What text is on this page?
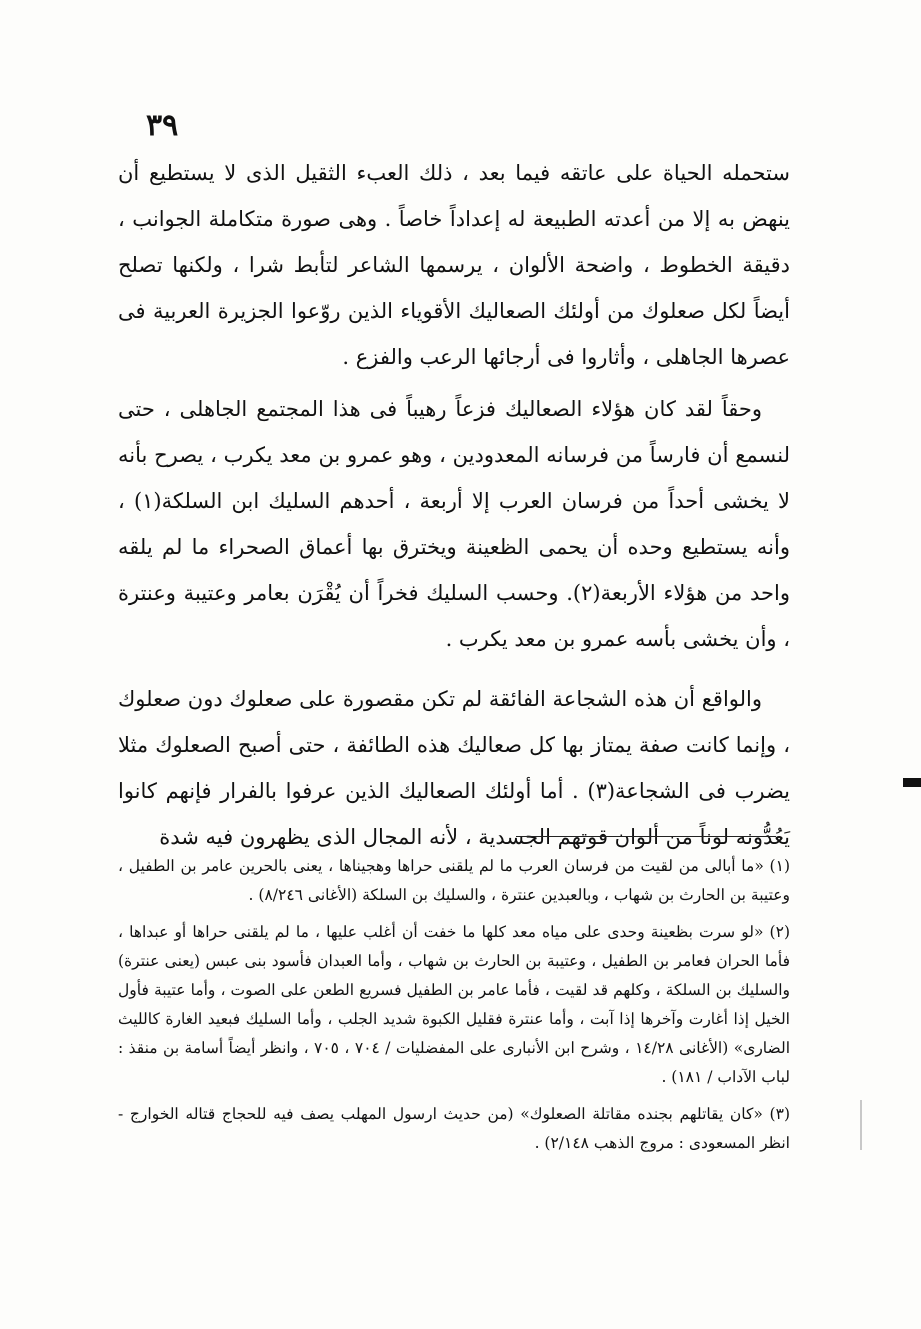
٣٩

ستحمله الحياة على عاتقه فيما بعد ، ذلك العبء الثقيل الذى لا يستطيع أن ينهض به إلا من أعدته الطبيعة له إعداداً خاصاً . وهى صورة متكاملة الجوانب ، دقيقة الخطوط ، واضحة الألوان ، يرسمها الشاعر لتأبط شرا ، ولكنها تصلح أيضاً لكل صعلوك من أولئك الصعاليك الأقوياء الذين روّعوا الجزيرة العربية فى عصرها الجاهلى ، وأثاروا فى أرجائها الرعب والفزع .

وحقاً لقد كان هؤلاء الصعاليك فزعاً رهيباً فى هذا المجتمع الجاهلى ، حتى لنسمع أن فارساً من فرسانه المعدودين ، وهو عمرو بن معد يكرب ، يصرح بأنه لا يخشى أحداً من فرسان العرب إلا أربعة ، أحدهم السليك ابن السلكة(١) ، وأنه يستطيع وحده أن يحمى الظعينة ويخترق بها أعماق الصحراء ما لم يلقه واحد من هؤلاء الأربعة(٢). وحسب السليك فخراً أن يُقْرَن بعامر وعتيبة وعنترة ، وأن يخشى بأسه عمرو بن معد يكرب .

والواقع أن هذه الشجاعة الفائقة لم تكن مقصورة على صعلوك دون صعلوك ، وإنما كانت صفة يمتاز بها كل صعاليك هذه الطائفة ، حتى أصبح الصعلوك مثلا يضرب فى الشجاعة(٣) . أما أولئك الصعاليك الذين عرفوا بالفرار فإنهم كانوا يَعُدُّونه لوناً من ألوان قوتهم الجسدية ، لأنه المجال الذى يظهرون فيه شدة

(١) «ما أبالى من لقيت من فرسان العرب ما لم يلقنى حراها وهجيناها ، يعنى بالحرين عامر بن الطفيل ، وعتيبة بن الحارث بن شهاب ، وبالعبدين عنترة ، والسليك بن السلكة (الأغانى ٨/٢٤٦) .

(٢) «لو سرت بظعينة وحدى على مياه معد كلها ما خفت أن أغلب عليها ، ما لم يلقنى حراها أو عبداها ، فأما الحران فعامر بن الطفيل ، وعتيبة بن الحارث بن شهاب ، وأما العبدان فأسود بنى عبس (يعنى عنترة) والسليك بن السلكة ، وكلهم قد لقيت ، فأما عامر بن الطفيل فسريع الطعن على الصوت ، وأما عتيبة فأول الخيل إذا أغارت وآخرها إذا آبت ، وأما عنترة فقليل الكبوة شديد الجلب ، وأما السليك فبعيد الغارة كالليث الضارى» (الأغانى ١٤/٢٨ ، وشرح ابن الأنبارى على المفضليات / ٧٠٤ ، ٧٠٥ ، وانظر أيضاً أسامة بن منقذ : لباب الآداب / ١٨١) .

(٣) «كان يقاتلهم بجنده مقاتلة الصعلوك» (من حديث ارسول المهلب يصف فيه للحجاج قتاله الخوارج - انظر المسعودى : مروج الذهب ٢/١٤٨) .
